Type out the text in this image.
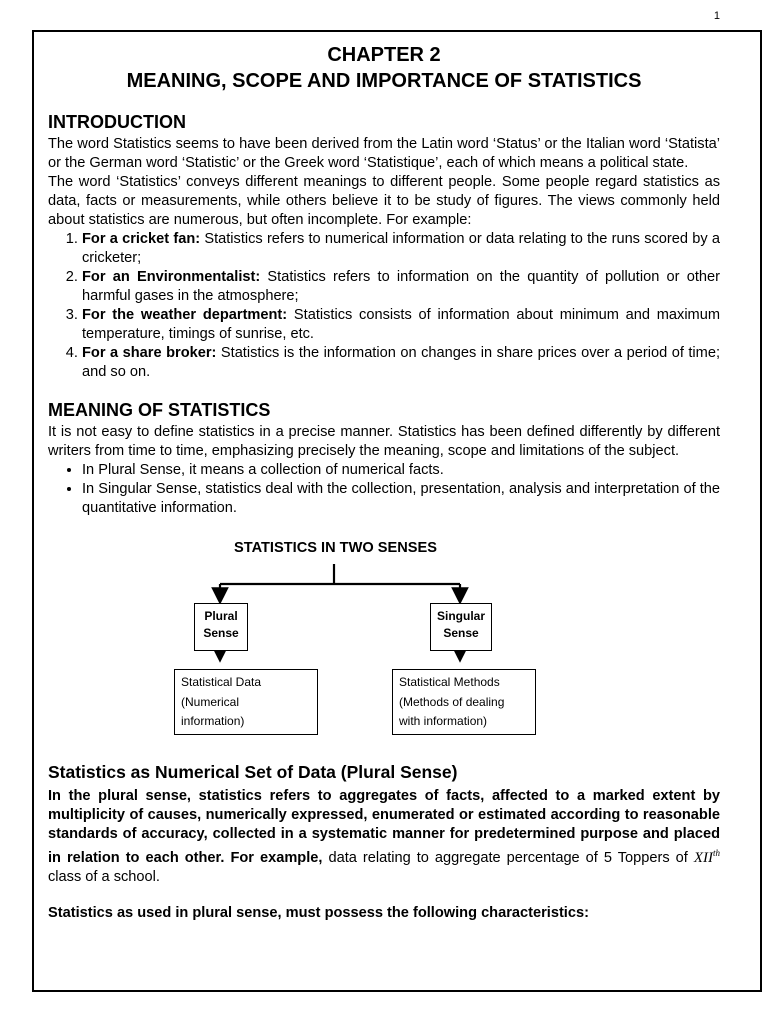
1

CHAPTER 2

MEANING, SCOPE AND IMPORTANCE OF STATISTICS

INTRODUCTION

The word Statistics seems to have been derived from the Latin word ‘Status’ or the Italian word ‘Statista’ or the German word ‘Statistic’ or the Greek word ‘Statistique’, each of which means a political state.

The word ‘Statistics’ conveys different meanings to different people. Some people regard statistics as data, facts or measurements, while others believe it to be study of figures. The views commonly held about statistics are numerous, but often incomplete. For example:

1. For a cricket fan: Statistics refers to numerical information or data relating to the runs scored by a cricketer;
2. For an Environmentalist: Statistics refers to information on the quantity of pollution or other harmful gases in the atmosphere;
3. For the weather department: Statistics consists of information about minimum and maximum temperature, timings of sunrise, etc.
4. For a share broker: Statistics is the information on changes in share prices over a period of time; and so on.
MEANING OF STATISTICS

It is not easy to define statistics in a precise manner. Statistics has been defined differently by different writers from time to time, emphasizing precisely the meaning, scope and limitations of the subject.

• In Plural Sense, it means a collection of numerical facts.
• In Singular Sense, statistics deal with the collection, presentation, analysis and interpretation of the quantitative information.
STATISTICS IN TWO SENSES
Plural
Sense
Singular
Sense
Statistical Data
(Numerical
information)
Statistical Methods
(Methods of dealing
with information)
Statistics as Numerical Set of Data (Plural Sense)

In the plural sense, statistics refers to aggregates of facts, affected to a marked extent by multiplicity of causes, numerically expressed, enumerated or estimated according to reasonable standards of accuracy, collected in a systematic manner for predetermined purpose and placed in relation to each other. For example, data relating to aggregate percentage of 5 Toppers of XIIth class of a school.

Statistics as used in plural sense, must possess the following characteristics:
